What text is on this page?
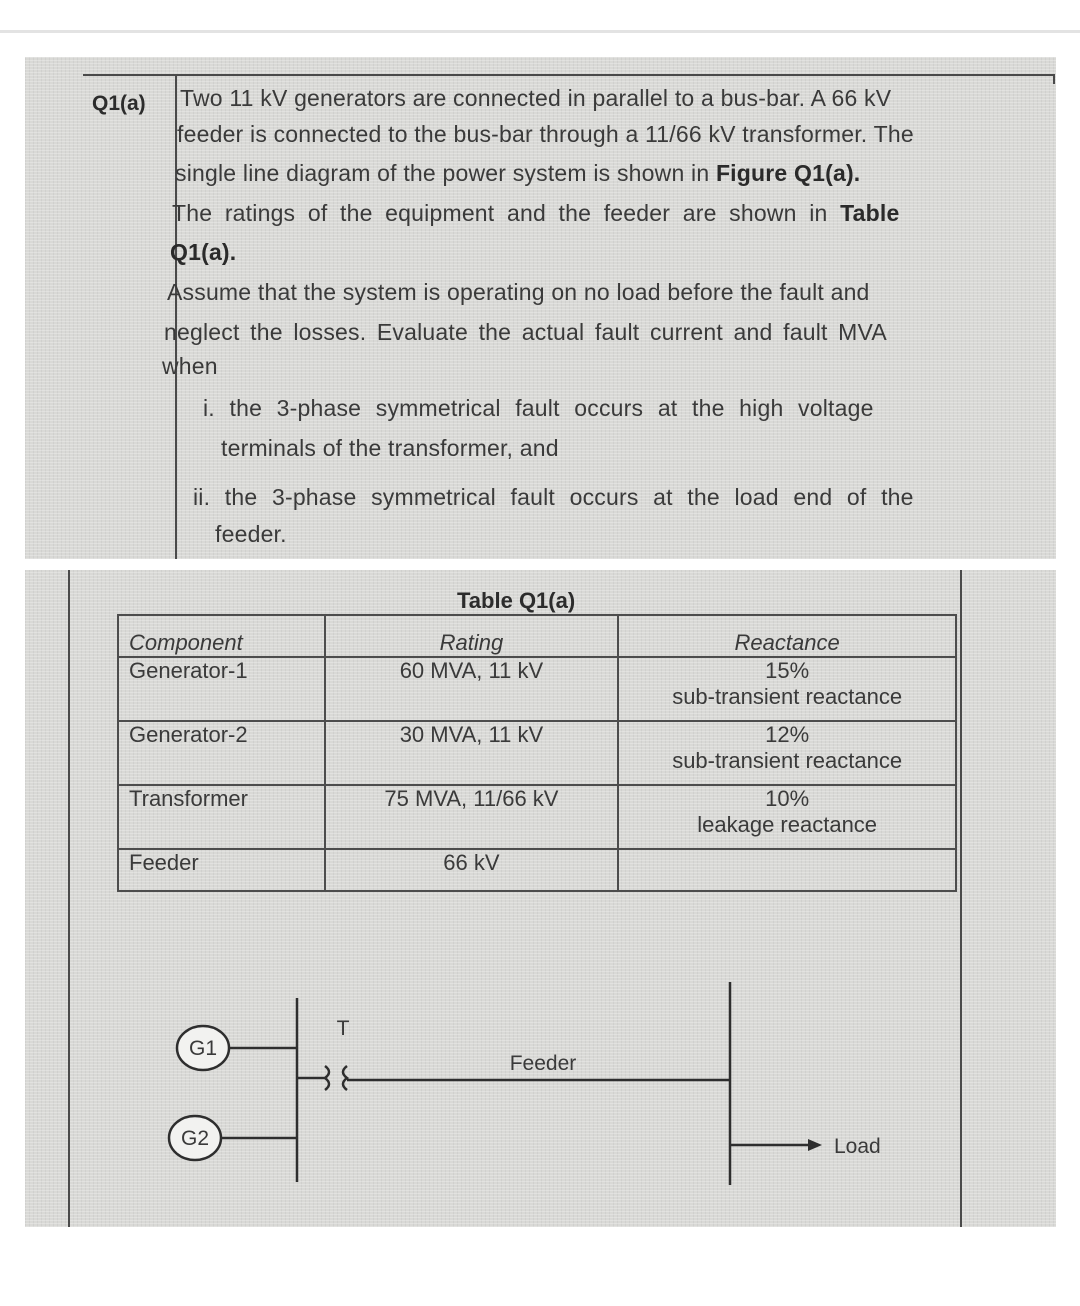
Q1(a) Two 11 kV generators are connected in parallel to a bus-bar. A 66 kV
feeder is connected to the bus-bar through a 11/66 kV transformer. The
single line diagram of the power system is shown in Figure Q1(a).
The ratings of the equipment and the feeder are shown in Table
Q1(a).
Assume that the system is operating on no load before the fault and
neglect the losses. Evaluate the actual fault current and fault MVA
when
i. the 3-phase symmetrical fault occurs at the high voltage
terminals of the transformer, and
ii. the 3-phase symmetrical fault occurs at the load end of the
feeder.
Table Q1(a)
Component	Rating	Reactance
Generator-1	60 MVA, 11 kV	15%
sub-transient reactance

Generator-2	30 MVA, 11 kV	12%
sub-transient reactance

Transformer	75 MVA, 11/66 kV	10%
leakage reactance

Feeder	66 kV	
G1
G2
T
Feeder
Load
